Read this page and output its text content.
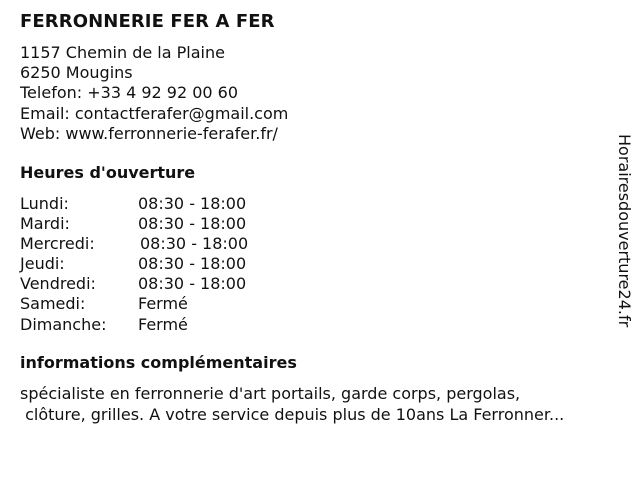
FERRONNERIE FER A FER
1157 Chemin de la Plaine
6250 Mougins
Telefon: +33 4 92 92 00 60
Email: contactferafer@gmail.com
Web: www.ferronnerie-ferafer.fr/
Heures d'ouverture
Lundi:	08:30 - 18:00
Mardi:	08:30 - 18:00
Mercredi:	08:30 - 18:00
Jeudi:	08:30 - 18:00
Vendredi:	08:30 - 18:00
Samedi:	Fermé
Dimanche: Fermé
informations complémentaires
spécialiste en ferronnerie d'art portails, garde corps, pergolas,
clôture, grilles. A votre service depuis plus de 10ans La Ferronner...
Horairesdouverture24.fr
